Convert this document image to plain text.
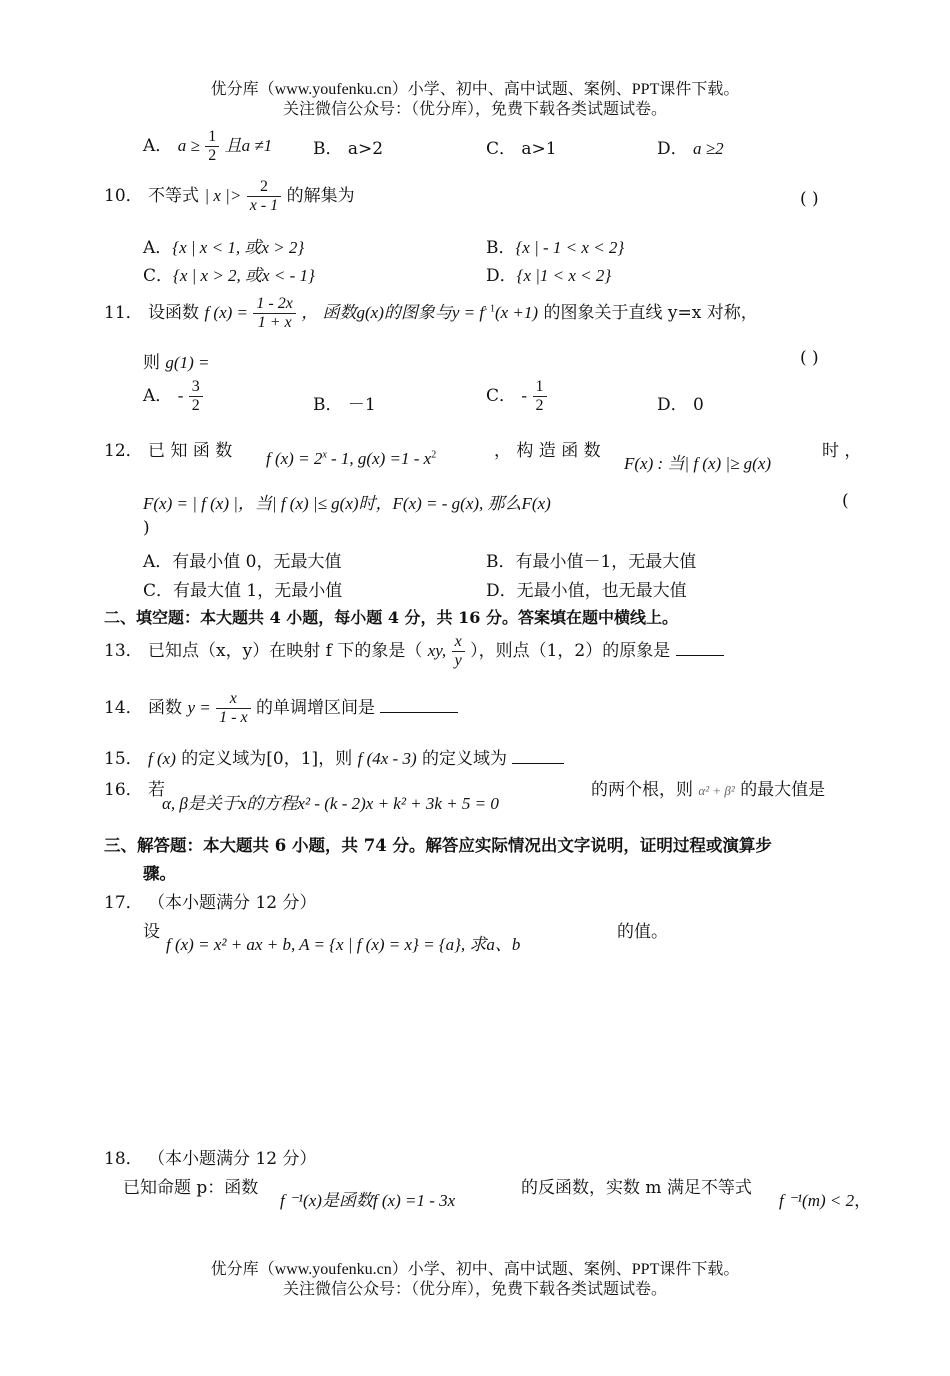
优分库（www.youfenku.cn）小学、初中、高中试题、案例、PPT课件下载。
关注微信公众号：（优分库），免费下载各类试题试卷。
A． $a \ge \frac{1}{2}$ 且a ≠1 B． a>2	C． a>1	D． a ≥2
10． 不等式 | x |> $\frac{2}{x - 1}$ 的解集为	( )
A．{x | x < 1, 或x > 2}	B．{x | - 1 < x < 2}
C．{x | x > 2, 或x < - 1}	D．{x |1 < x < 2}
11． 设函数 f $(x) = \frac{1 - 2x}{1 + x}$ ， 函数g(x)的图象与$y = f^{- 1}(x +1)$ 的图象关于直线 y=x 对称，
则 g(1) =	( )
A． - $\frac{3}{2}$	B． －1	C． - $\frac{1}{2}$	D． 0
12． 已 知 函 数 f $(x) = 2^x - 1$, $g(x) =1 - x^2$	， 构 造 函 数
F(x) : 当| f (x) |≥ g(x)
时 ，
F(x) = | f (x) |，当| f (x) |≤ g(x)时，F(x) = - g(x), 那么F(x)	(
)
A．有最小值 0，无最大值	B．有最小值－1，无最大值
C．有最大值 1，无最小值	D．无最小值，也无最大值
二、填空题：本大题共 4 小题，每小题 4 分，共 16 分。答案填在题中横线上。
13． 已知点（x，y）在映射 f 下的象是（ xy, $\frac{x}{y}$ ），则点（1，2）的原象是
14． 函数 $y = \frac{x}{1 - x}$ 的单调增区间是
15． f (x) 的定义域为[0，1]，则 f (4x - 3) 的定义域为
16． 若
α, β是关于x的方程x² - (k - 2)x + k² + 3k + 5 = 0
的两个根，则 α² + β² 的最大值是
三、解答题：本大题共 6 小题，共 74 分。解答应实际情况出文字说明，证明过程或演算步
骤。
17． （本小题满分 12 分）
设
f (x) = x² + ax + b, A = {x | f (x) = x} = {a}, 求a、b
的值。
18． （本小题满分 12 分）
已知命题 p：函数
f ⁻¹(x)是函数f (x) =1 - 3x
的反函数，实数 m 满足不等式
f ⁻¹(m) < 2，
优分库（www.youfenku.cn）小学、初中、高中试题、案例、PPT课件下载。
关注微信公众号：（优分库），免费下载各类试题试卷。
